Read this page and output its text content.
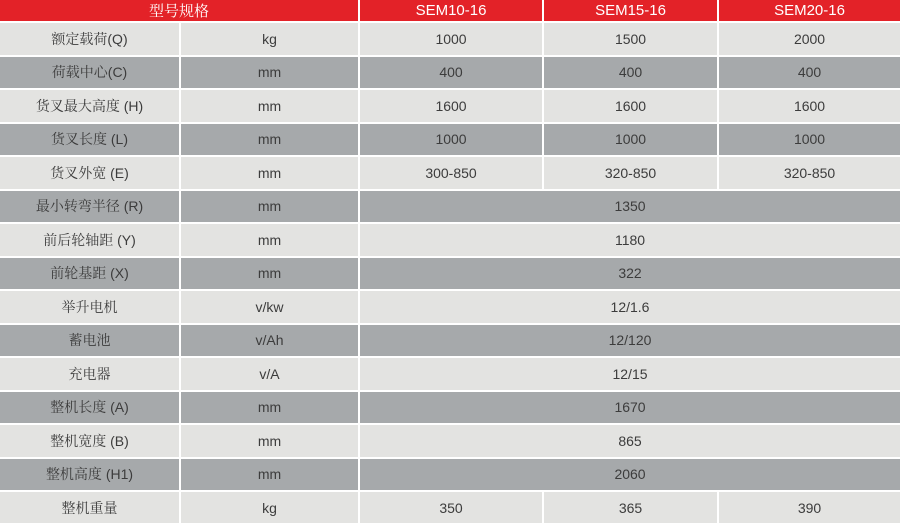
型号规格		SEM10-16	SEM15-16	SEM20-16
额定载荷(Q)	kg	1000	1500	2000
荷载中心(C)	mm	400	400	400
货叉最大高度 (H)	mm	1600	1600	1600
货叉长度 (L)	mm	1000	1000	1000
货叉外宽 (E)	mm	300-850	320-850	320-850
最小转弯半径 (R)	mm	1350		
前后轮轴距 (Y)	mm	1180		
前轮基距 (X)	mm	322		
举升电机	v/kw	12/1.6		
蓄电池	v/Ah	12/120		
充电器	v/A	12/15		
整机长度 (A)	mm	1670		
整机宽度 (B)	mm	865		
整机高度 (H1)	mm	2060		
整机重量	kg	350	365	390
